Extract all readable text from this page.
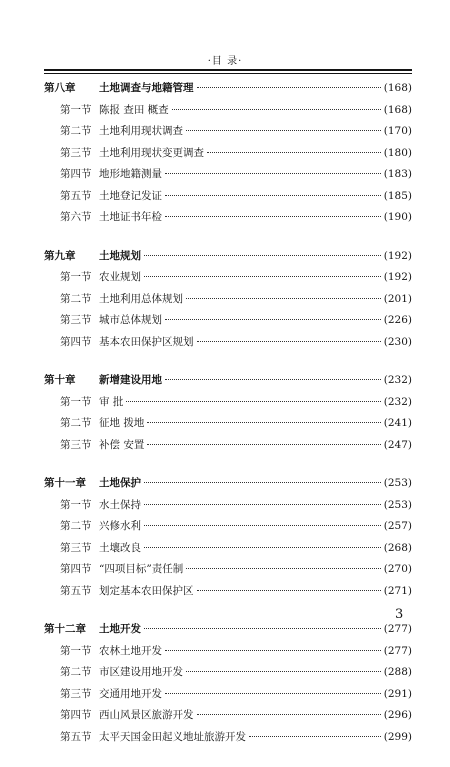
·目 录·
第八章	土地调查与地籍管理	(168)
第一节 陈报 查田 概查	(168)
第二节 土地利用现状调查	(170)
第三节 土地利用现状变更调查	(180)
第四节 地形地籍测量	(183)
第五节 土地登记发证	(185)
第六节 土地证书年检	(190)
第九章	土地规划	(192)
第一节 农业规划	(192)
第二节 土地利用总体规划	(201)
第三节 城市总体规划	(226)
第四节 基本农田保护区规划	(230)
第十章	新增建设用地	(232)
第一节 审 批	(232)
第二节 征地 拨地	(241)
第三节 补偿 安置	(247)
第十一章	土地保护	(253)
第一节 水土保持	(253)
第二节 兴修水利	(257)
第三节 土壤改良	(268)
第四节 “四项目标”责任制	(270)
第五节 划定基本农田保护区	(271)
第十二章	土地开发	(277)
第一节 农林土地开发	(277)
第二节 市区建设用地开发	(288)
第三节 交通用地开发	(291)
第四节 西山风景区旅游开发	(296)
第五节 太平天国金田起义地址旅游开发	(299)
3
